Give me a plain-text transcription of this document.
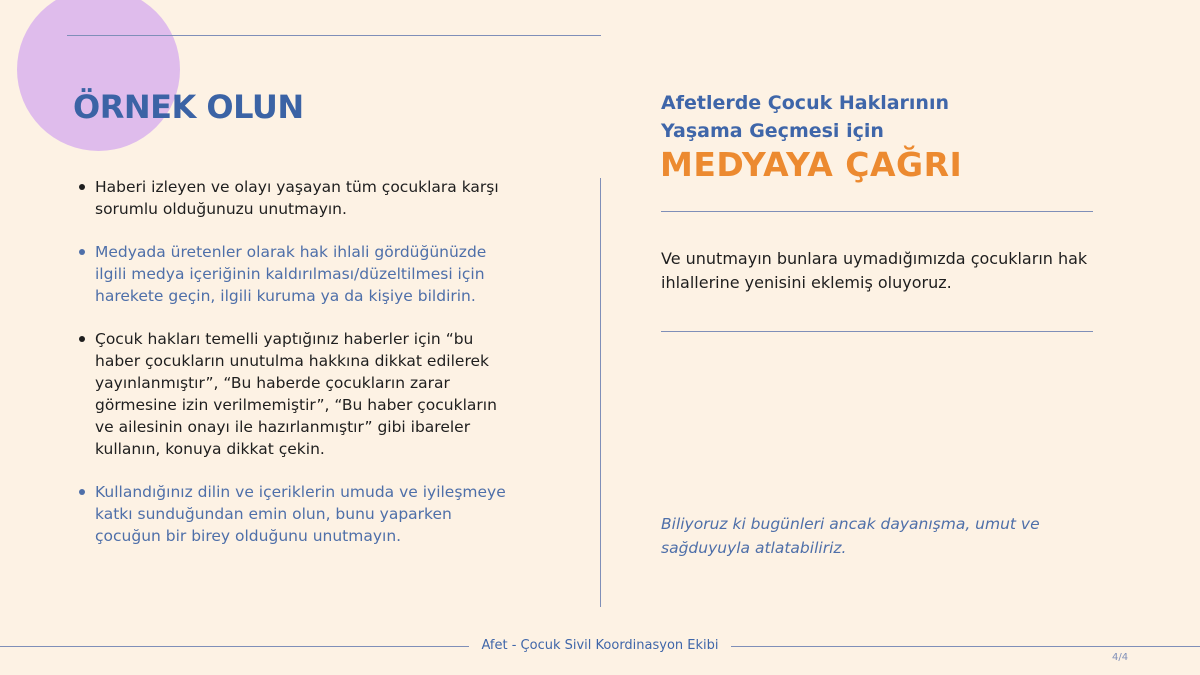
ÖRNEK OLUN
Haberi izleyen ve olayı yaşayan tüm çocuklara karşı sorumlu olduğunuzu unutmayın.
Medyada üretenler olarak hak ihlali gördüğünüzde ilgili medya içeriğinin kaldırılması/düzeltilmesi için harekete geçin, ilgili kuruma ya da kişiye bildirin.
Çocuk hakları temelli yaptığınız haberler için “bu haber çocukların unutulma hakkına dikkat edilerek yayınlanmıştır”, “Bu haberde çocukların zarar görmesine izin verilmemiştir”, “Bu haber çocukların ve ailesinin onayı ile hazırlanmıştır” gibi ibareler kullanın, konuya dikkat çekin.
Kullandığınız dilin ve içeriklerin umuda ve iyileşmeye katkı sunduğundan emin olun, bunu yaparken çocuğun bir birey olduğunu unutmayın.
Afetlerde Çocuk Haklarının
Yaşama Geçmesi için
MEDYAYA ÇAĞRI

Ve unutmayın bunlara uymadığımızda çocukların hak ihlallerine yenisini eklemiş oluyoruz.

Biliyoruz ki bugünleri ancak dayanışma, umut ve sağduyuyla atlatabiliriz.

Afet - Çocuk Sivil Koordinasyon Ekibi

4/4
